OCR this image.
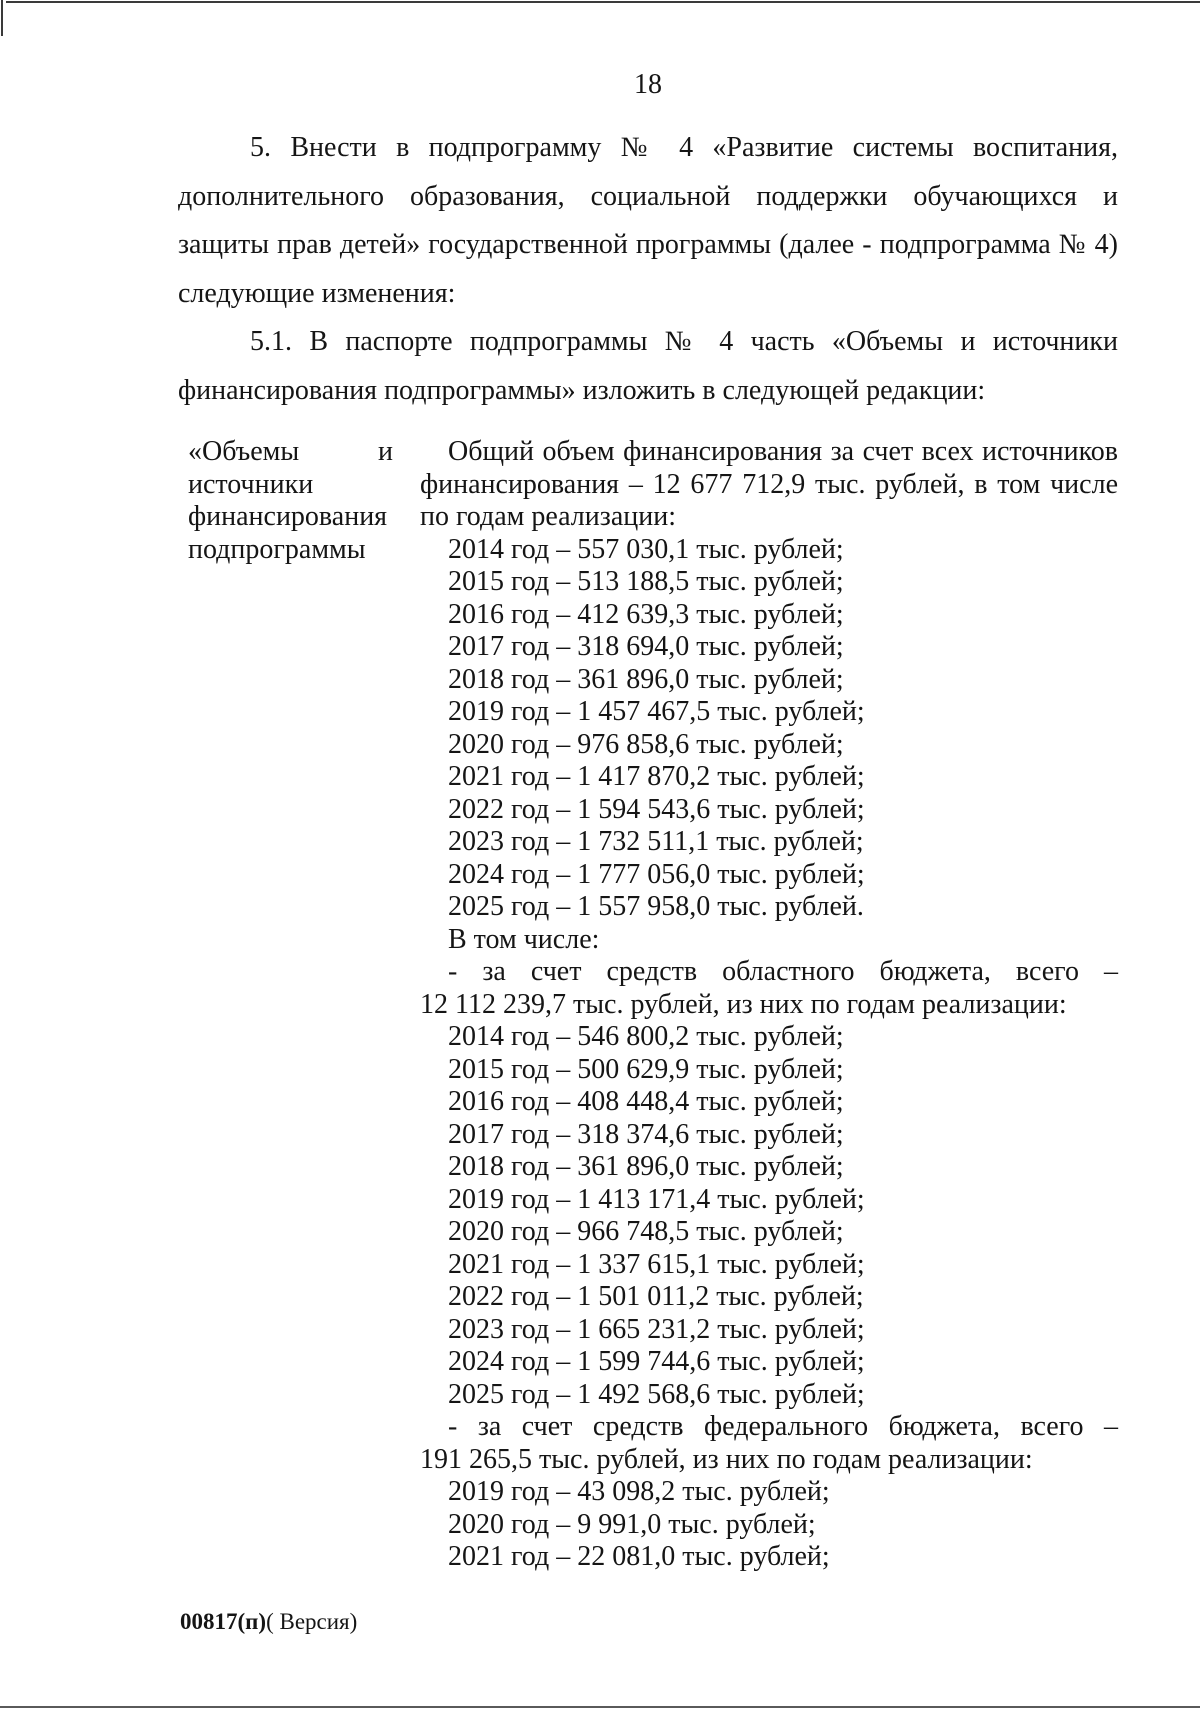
18
5. Внести в подпрограмму № 4 «Развитие системы воспитания,
дополнительного образования, социальной поддержки обучающихся и
защиты прав детей» государственной программы (далее - подпрограмма № 4)
следующие изменения:
5.1. В паспорте подпрограммы № 4 часть «Объемы и источники
финансирования подпрограммы» изложить в следующей редакции:
«Объемы и
источники
финансирования
подпрограммы
Общий объем финансирования за счет всех источников
финансирования – 12 677 712,9 тыс. рублей, в том числе
по годам реализации:
2014 год – 557 030,1 тыс. рублей;
2015 год – 513 188,5 тыс. рублей;
2016 год – 412 639,3 тыс. рублей;
2017 год – 318 694,0 тыс. рублей;
2018 год – 361 896,0 тыс. рублей;
2019 год – 1 457 467,5 тыс. рублей;
2020 год – 976 858,6 тыс. рублей;
2021 год – 1 417 870,2 тыс. рублей;
2022 год – 1 594 543,6 тыс. рублей;
2023 год – 1 732 511,1 тыс. рублей;
2024 год – 1 777 056,0 тыс. рублей;
2025 год – 1 557 958,0 тыс. рублей.
В том числе:
- за счет средств областного бюджета, всего –
12 112 239,7 тыс. рублей, из них по годам реализации:
2014 год – 546 800,2 тыс. рублей;
2015 год – 500 629,9 тыс. рублей;
2016 год – 408 448,4 тыс. рублей;
2017 год – 318 374,6 тыс. рублей;
2018 год – 361 896,0 тыс. рублей;
2019 год – 1 413 171,4 тыс. рублей;
2020 год – 966 748,5 тыс. рублей;
2021 год – 1 337 615,1 тыс. рублей;
2022 год – 1 501 011,2 тыс. рублей;
2023 год – 1 665 231,2 тыс. рублей;
2024 год – 1 599 744,6 тыс. рублей;
2025 год – 1 492 568,6 тыс. рублей;
- за счет средств федерального бюджета, всего –
191 265,5 тыс. рублей, из них по годам реализации:
2019 год – 43 098,2 тыс. рублей;
2020 год – 9 991,0 тыс. рублей;
2021 год – 22 081,0 тыс. рублей;
00817(п)( Версия)
